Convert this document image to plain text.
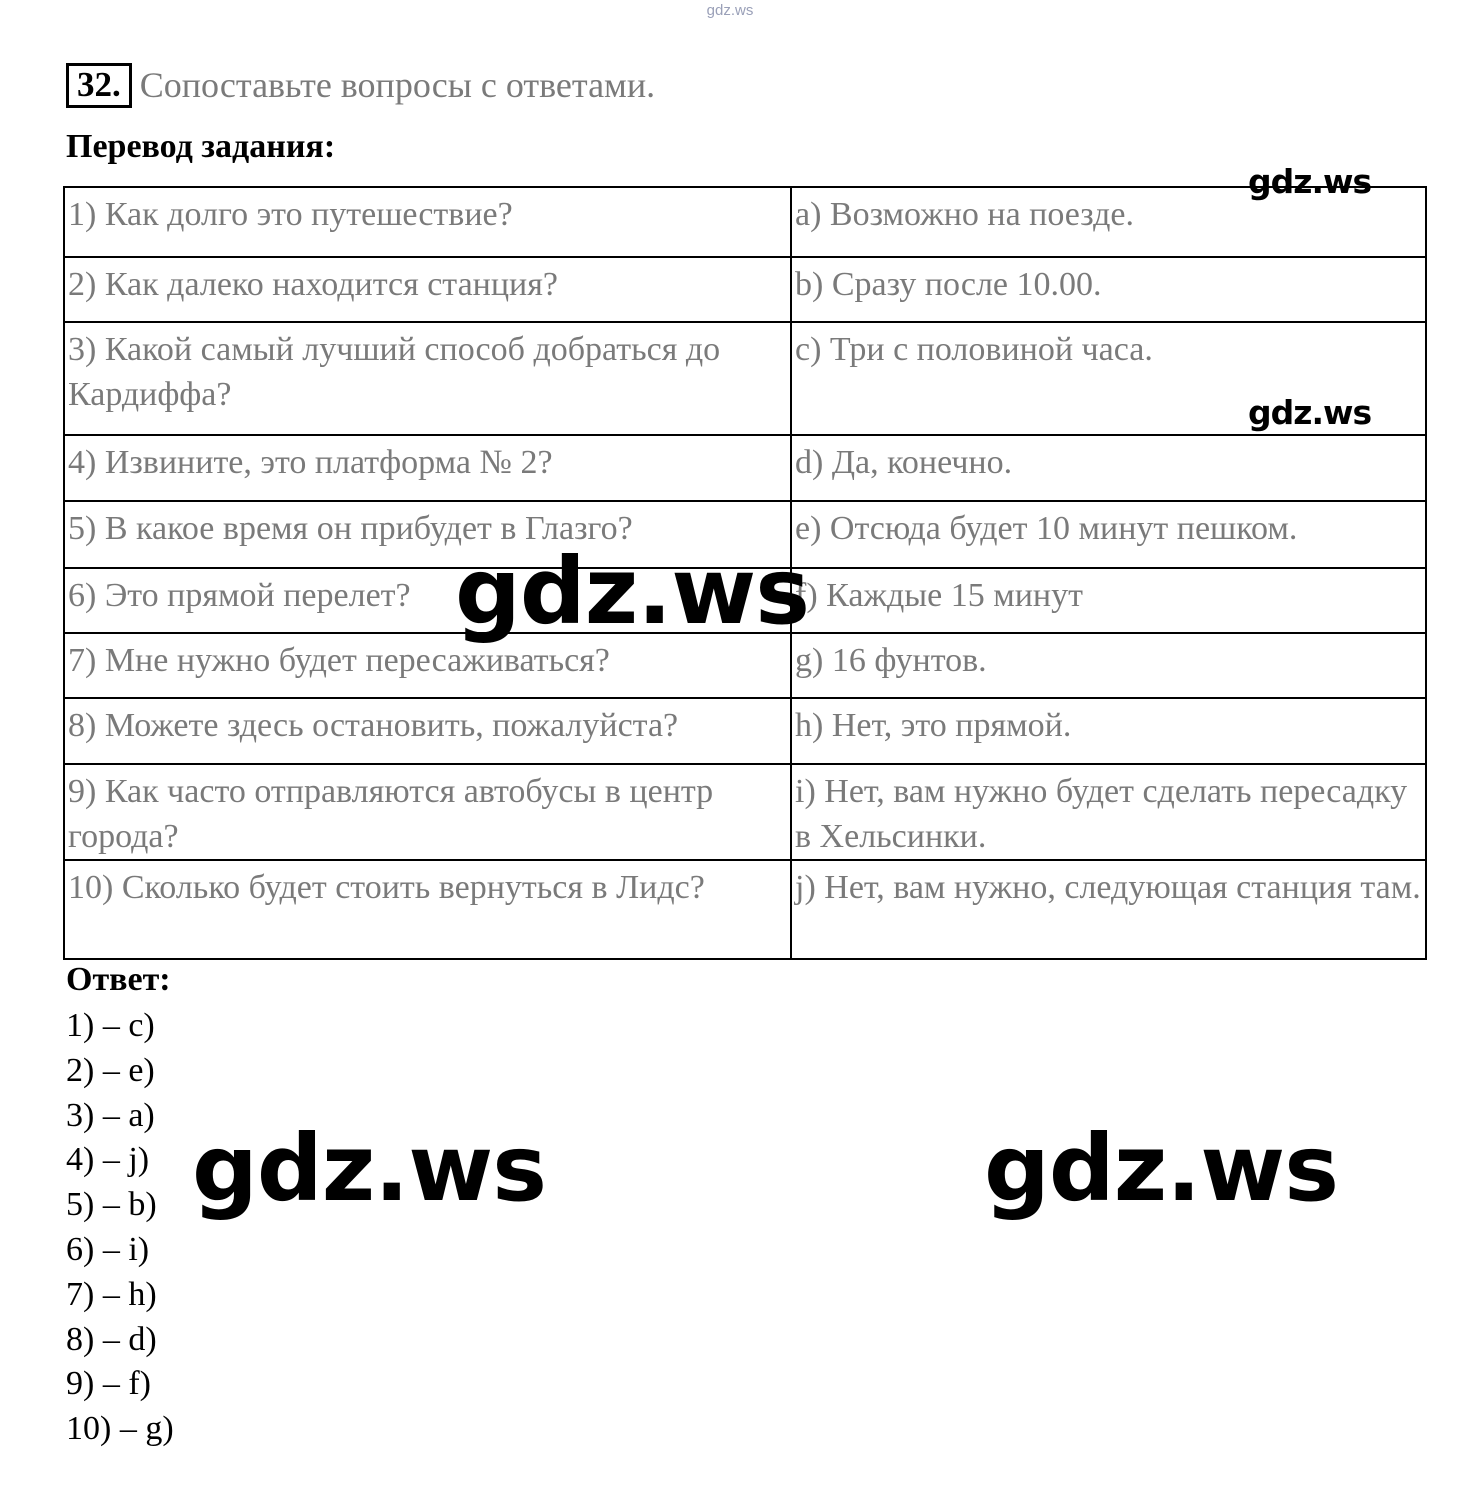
gdz.ws
32. Сопоставьте вопросы с ответами.
Перевод задания:
1) Как долго это путешествие?	a) Возможно на поезде.
2) Как далеко находится станция?	b) Сразу после 10.00.
3) Какой самый лучший способ добраться до Кардиффа?	c) Три с половиной часа.
4) Извините, это платформа № 2?	d) Да, конечно.
5) В какое время он прибудет в Глазго?	e) Отсюда будет 10 минут пешком.
6) Это прямой перелет?	f) Каждые 15 минут
7) Мне нужно будет пересаживаться?	g) 16 фунтов.
8) Можете здесь остановить, пожалуйста?	h) Нет, это прямой.
9) Как часто отправляются автобусы в центр города?	i) Нет, вам нужно будет сделать пересадку в Хельсинки.
10) Сколько будет стоить вернуться в Лидс?	j) Нет, вам нужно, следующая станция там.
Ответ:
1) – c)
2) – e)
3) – a)
4) – j)
5) – b)
6) – i)
7) – h)
8) – d)
9) – f)
10) – g)
gdz.ws
gdz.ws
gdz.ws
gdz.ws	gdz.ws
